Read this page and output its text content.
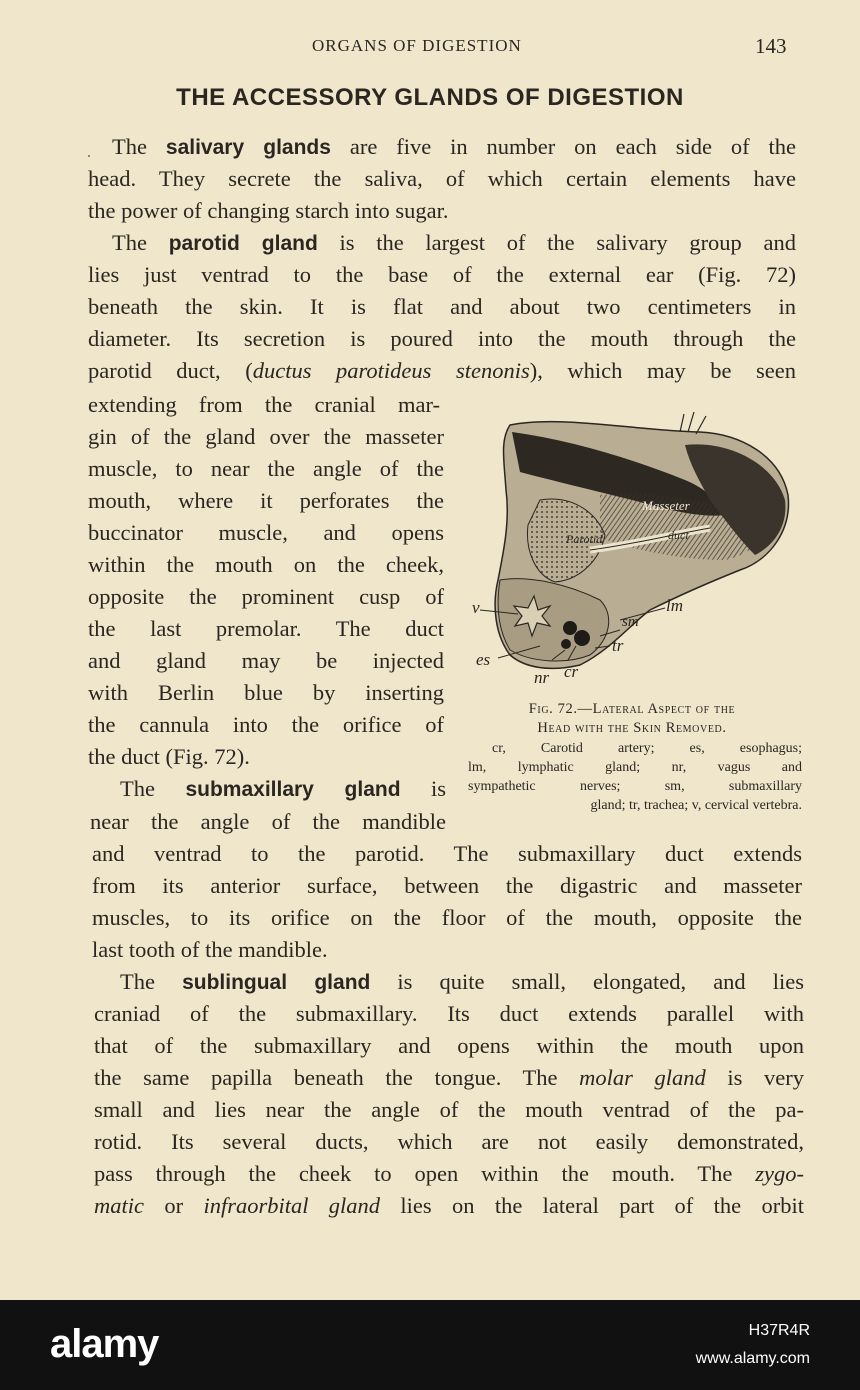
ORGANS OF DIGESTION	143
THE ACCESSORY GLANDS OF DIGESTION
· The salivary glands are five in number on each side of the
head. They secrete the saliva, of which certain elements have
the power of changing starch into sugar.
The parotid gland is the largest of the salivary group and
lies just ventrad to the base of the external ear (Fig. 72)
beneath the skin. It is flat and about two centimeters in
diameter. Its secretion is poured into the mouth through the
parotid duct, (ductus parotideus stenonis), which may be seen
extending from the cranial mar-
gin of the gland over the masseter
muscle, to near the angle of the
mouth, where it perforates the
buccinator muscle, and opens
within the mouth on the cheek,
opposite the prominent cusp of
the last premolar. The duct
and gland may be injected
with Berlin blue by inserting
the cannula into the orifice of
the duct (Fig. 72).
The submaxillary gland is
near the angle of the mandible
and ventrad to the parotid. The submaxillary duct extends
from its anterior surface, between the digastric and masseter
muscles, to its orifice on the floor of the mouth, opposite the
last tooth of the mandible.
The sublingual gland is quite small, elongated, and lies
craniad of the submaxillary. Its duct extends parallel with
that of the submaxillary and opens within the mouth upon
the same papilla beneath the tongue. The molar gland is very
small and lies near the angle of the mouth ventrad of the pa-
rotid. Its several ducts, which are not easily demonstrated,
pass through the cheek to open within the mouth. The zygo-
matic or infraorbital gland lies on the lateral part of the orbit
Masseter
Parotid	duct
v	lm
sm
tr
es
nr cr
Fig. 72.—Lateral Aspect of the
Head with the Skin Removed.
cr, Carotid artery; es, esophagus;
lm, lymphatic gland; nr, vagus and
sympathetic nerves; sm, submaxillary
gland; tr, trachea; v, cervical vertebra.
alamy	H37R4R
www.alamy.com
